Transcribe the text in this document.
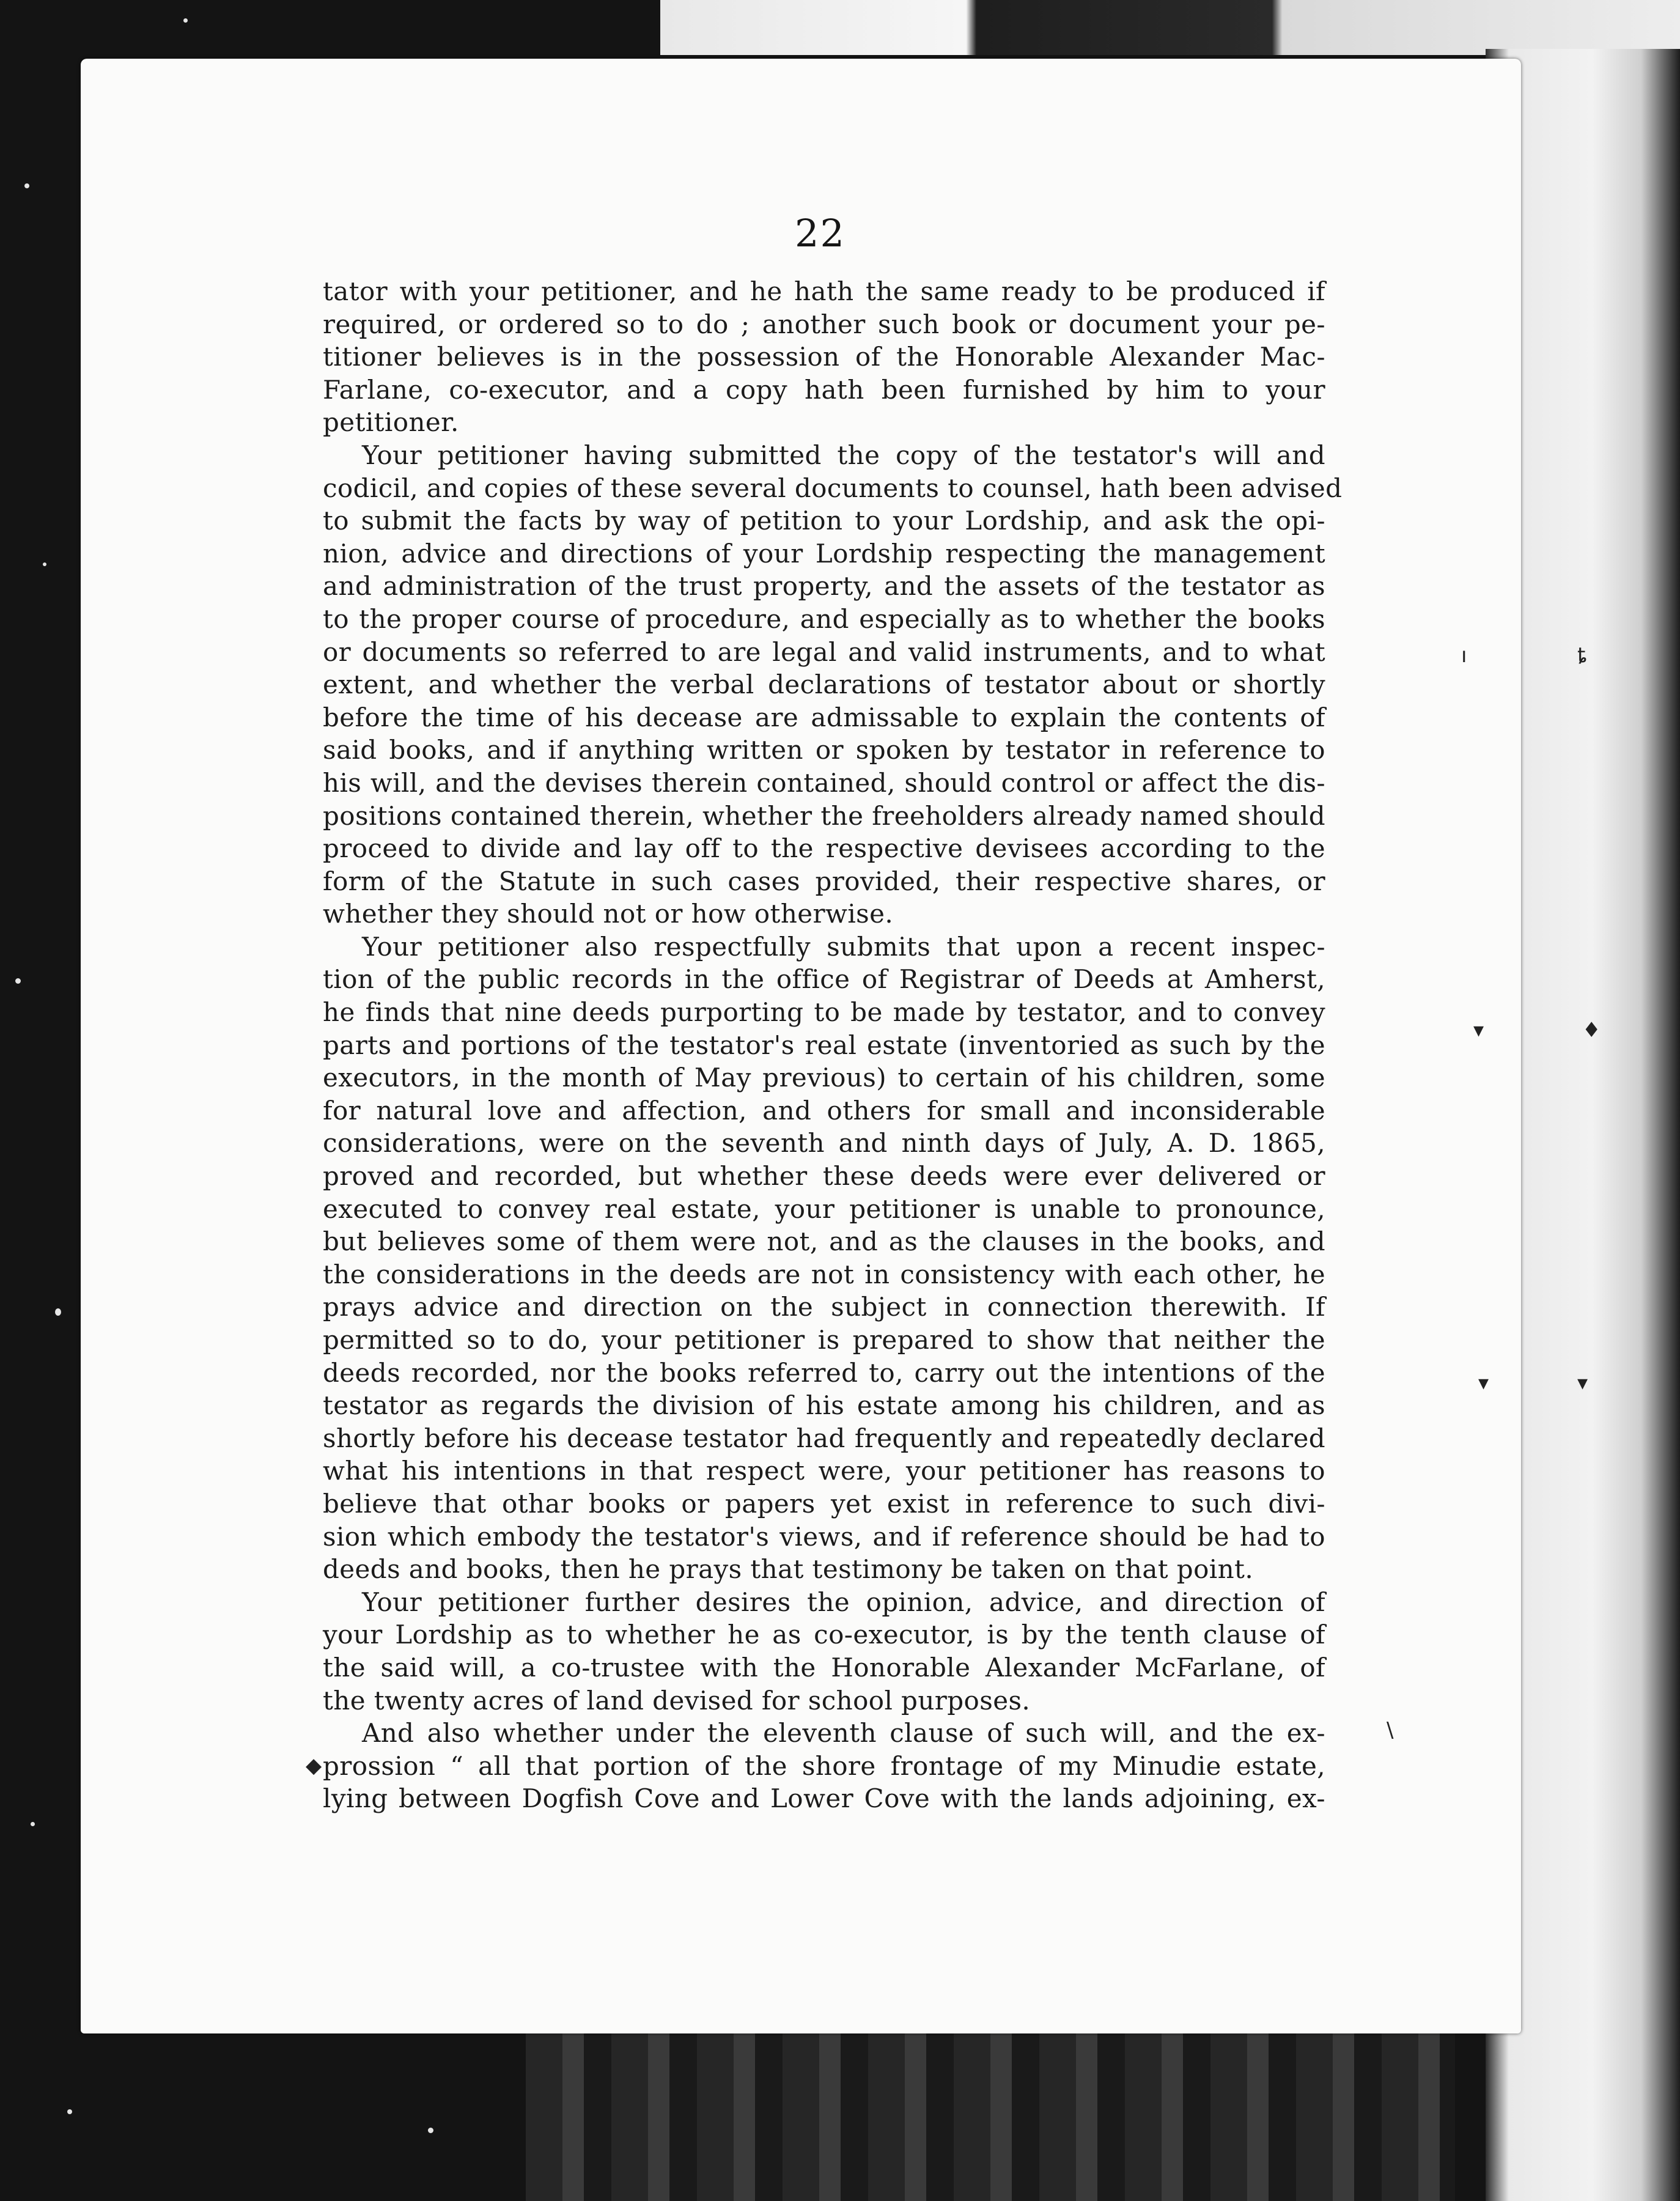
22
ı	ȶ
▾	♦
▾	▾
\
◆
tator with your petitioner, and he hath the same ready to be produced if
required, or ordered so to do ; another such book or document your pe-
titioner believes is in the possession of the Honorable Alexander Mac-
Farlane, co-executor, and a copy hath been furnished by him to your
petitioner.
Your petitioner having submitted the copy of the testator's will and
codicil, and copies of these several documents to counsel, hath been advised
to submit the facts by way of petition to your Lordship, and ask the opi-
nion, advice and directions of your Lordship respecting the management
and administration of the trust property, and the assets of the testator as
to the proper course of procedure, and especially as to whether the books
or documents so referred to are legal and valid instruments, and to what
extent, and whether the verbal declarations of testator about or shortly
before the time of his decease are admissable to explain the contents of
said books, and if anything written or spoken by testator in reference to
his will, and the devises therein contained, should control or affect the dis-
positions contained therein, whether the freeholders already named should
proceed to divide and lay off to the respective devisees according to the
form of the Statute in such cases provided, their respective shares, or
whether they should not or how otherwise.
Your petitioner also respectfully submits that upon a recent inspec-
tion of the public records in the office of Registrar of Deeds at Amherst,
he finds that nine deeds purporting to be made by testator, and to convey
parts and portions of the testator's real estate (inventoried as such by the
executors, in the month of May previous) to certain of his children, some
for natural love and affection, and others for small and inconsiderable
considerations, were on the seventh and ninth days of July, A. D. 1865,
proved and recorded, but whether these deeds were ever delivered or
executed to convey real estate, your petitioner is unable to pronounce,
but believes some of them were not, and as the clauses in the books, and
the considerations in the deeds are not in consistency with each other, he
prays advice and direction on the subject in connection therewith. If
permitted so to do, your petitioner is prepared to show that neither the
deeds recorded, nor the books referred to, carry out the intentions of the
testator as regards the division of his estate among his children, and as
shortly before his decease testator had frequently and repeatedly declared
what his intentions in that respect were, your petitioner has reasons to
believe that othar books or papers yet exist in reference to such divi-
sion which embody the testator's views, and if reference should be had to
deeds and books, then he prays that testimony be taken on that point.
Your petitioner further desires the opinion, advice, and direction of
your Lordship as to whether he as co-executor, is by the tenth clause of
the said will, a co-trustee with the Honorable Alexander McFarlane, of
the twenty acres of land devised for school purposes.
And also whether under the eleventh clause of such will, and the ex-
prossion “ all that portion of the shore frontage of my Minudie estate,
lying between Dogfish Cove and Lower Cove with the lands adjoining, ex-
